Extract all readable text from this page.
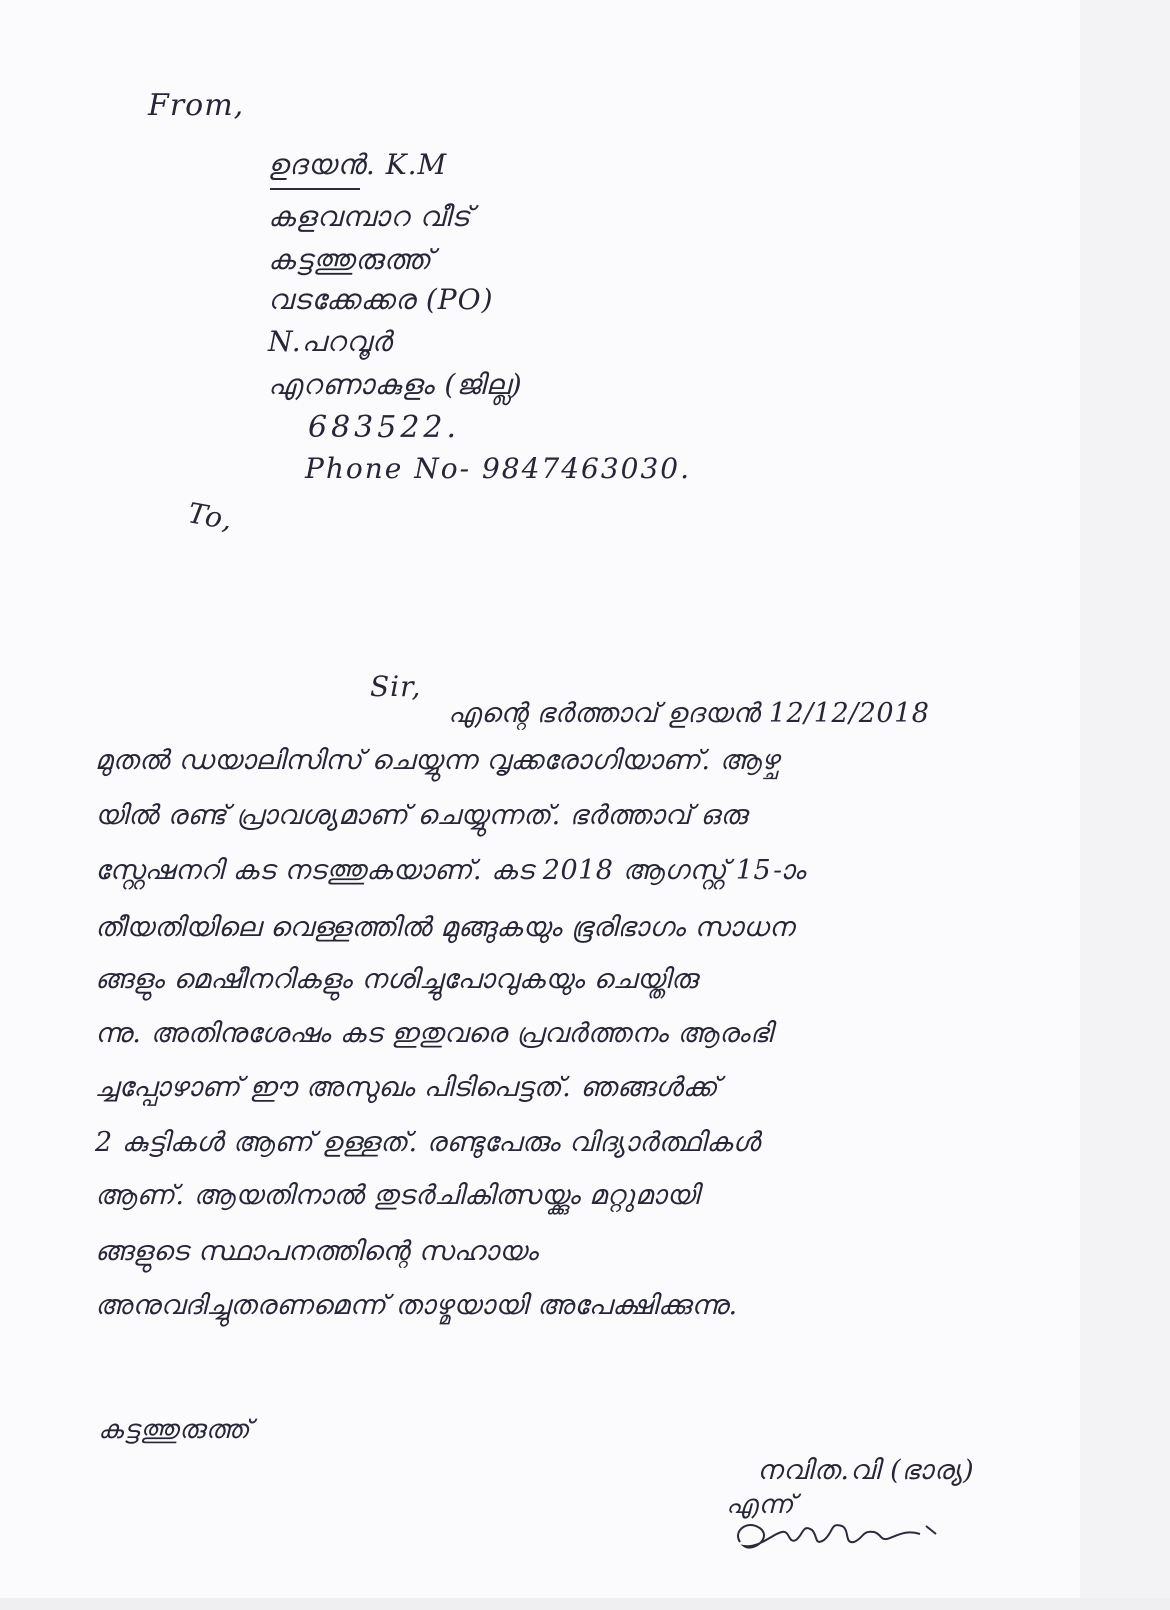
From,
ഉദയൻ. K.M
കളവമ്പാറ വീട്
കട്ടത്തുരുത്ത്
വടക്കേക്കര (PO)
N.പറവൂർ
എറണാകുളം (ജില്ല)
683522.
Phone No- 9847463030.
To,
Sir,
എന്റെ ഭർത്താവ് ഉദയൻ 12/12/2018
മുതൽ ഡയാലിസിസ് ചെയ്യുന്ന വൃക്കരോഗിയാണ്. ആഴ്ച
യിൽ രണ്ട് പ്രാവശ്യമാണ് ചെയ്യുന്നത്. ഭർത്താവ് ഒരു
സ്റ്റേഷനറി കട നടത്തുകയാണ്. കട 2018 ആഗസ്റ്റ് 15-ാം
തീയതിയിലെ വെള്ളത്തിൽ മുങ്ങുകയും ഭൂരിഭാഗം സാധന
ങ്ങളും മെഷീനറികളും നശിച്ചുപോവുകയും ചെയ്തിരു
ന്നു. അതിനുശേഷം കട ഇതുവരെ പ്രവർത്തനം ആരംഭി
ച്ചപ്പോഴാണ് ഈ അസുഖം പിടിപെട്ടത്. ഞങ്ങൾക്ക്
2 കുട്ടികൾ ആണ് ഉള്ളത്. രണ്ടുപേരും വിദ്യാർത്ഥികൾ
ആണ്. ആയതിനാൽ തുടർചികിത്സയ്ക്കും മറ്റുമായി
ങ്ങളുടെ സ്ഥാപനത്തിന്റെ സഹായം
അനുവദിച്ചുതരണമെന്ന് താഴ്മയായി അപേക്ഷിക്കുന്നു.
എന്ന്
കട്ടത്തുരുത്ത്
നവിത.വി (ഭാര്യ)
